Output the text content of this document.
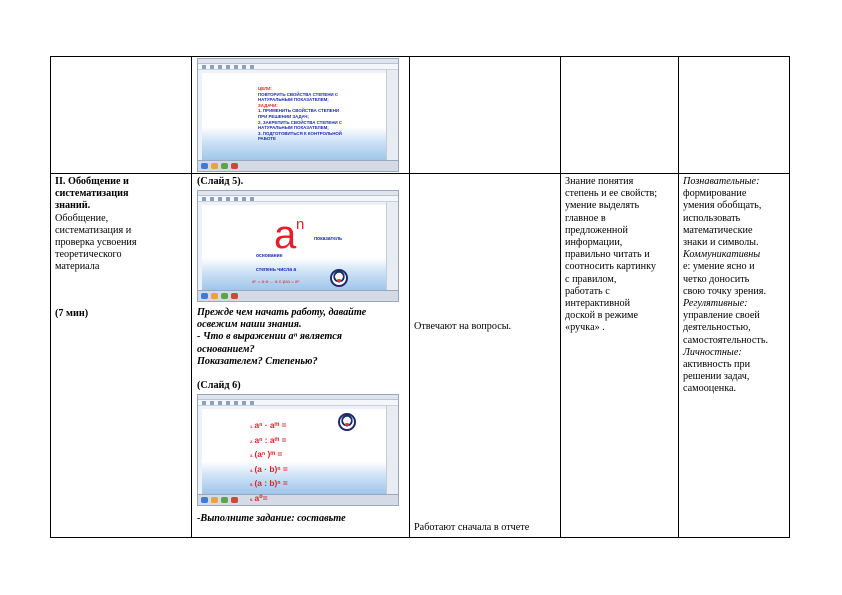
ЦЕЛИ:
ПОВТОРИТЬ СВОЙСТВА СТЕПЕНИ С
НАТУРАЛЬНЫМ ПОКАЗАТЕЛЕМ;
ЗАДАЧИ:
1. ПРИМЕНИТЬ СВОЙСТВА СТЕПЕНИ
ПРИ РЕШЕНИИ ЗАДАЧ;
2. ЗАКРЕПИТЬ СВОЙСТВА СТЕПЕНИ С
НАТУРАЛЬНЫМ ПОКАЗАТЕЛЕМ;
3. ПОДГОТОВИТЬСЯ К КОНТРОЛЬНОЙ
РАБОТЕ
II. Обобщение и
систематизация
знаний.
Обобщение,
систематизация и
проверка усвоения
теоретического
материала
(7 мин)
(Слайд 5).
a n
показатель
основание
степень числа а
aⁿ = a·a·...·a n раз = aⁿ
Прежде чем начать работу, давайте
освежим наши знания.
- Что в выражении aⁿ является
основанием?
Показателем? Степенью?
(Слайд 6)
1. aⁿ · aᵐ =
2. aⁿ : aᵐ =
3. (aⁿ )ᵐ =
4. (a · b)ⁿ =
5. (a : b)ⁿ =
6. a⁰=
-Выполните задание: составьте
Отвечают на вопросы.
Работают сначала в отчете
Знание понятия
степень и ее свойств;
умение выделять
главное в
предложенной
информации,
правильно читать и
соотносить картинку
с правилом,
работать с
интерактивной
доской в режиме
«ручка» .
Познавательные:
формирование
умения обобщать,
использовать
математические
знаки и символы.
Коммуникативны
е: умение ясно и
четко доносить
свою точку зрения.
Регулятивные:
управление своей
деятельностью,
самостоятельность.
Личностные:
активность при
решении задач,
самооценка.
